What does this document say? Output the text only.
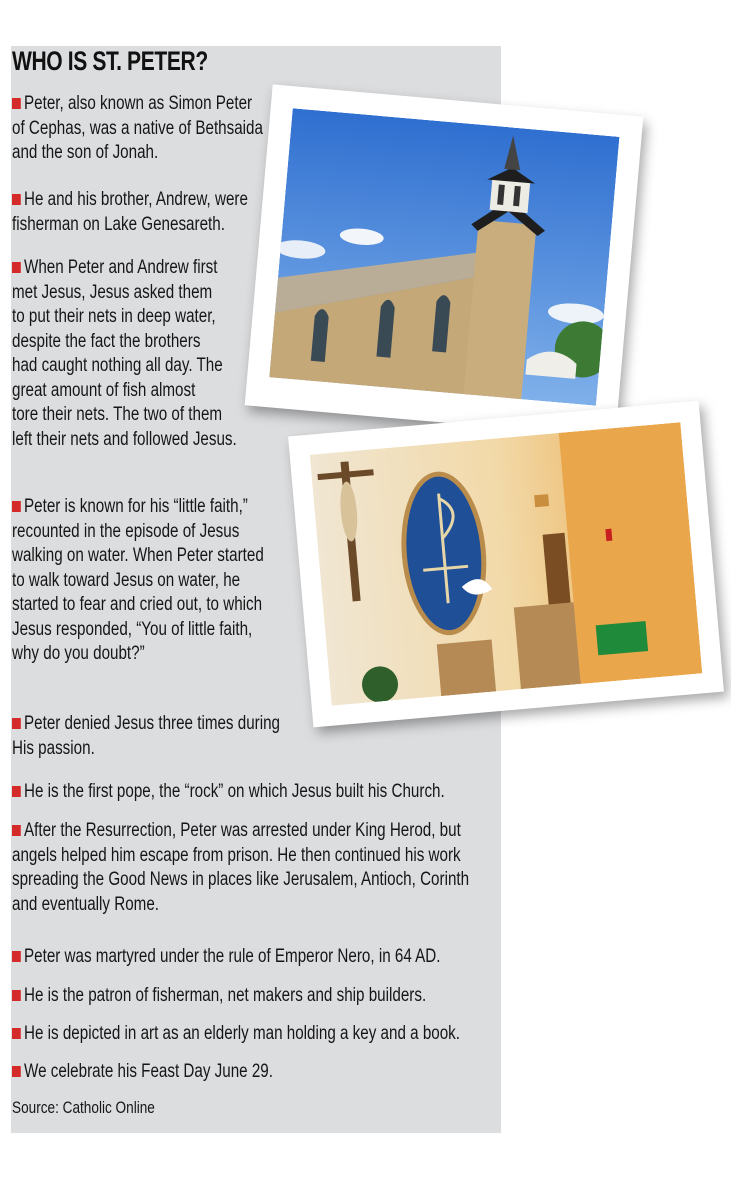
WHO IS ST. PETER?
Peter, also known as Simon Peter
of Cephas, was a native of Bethsaida
and the son of Jonah.
He and his brother, Andrew, were
fisherman on Lake Genesareth.
When Peter and Andrew first
met Jesus, Jesus asked them
to put their nets in deep water,
despite the fact the brothers
had caught nothing all day. The
great amount of fish almost
tore their nets. The two of them
left their nets and followed Jesus.
Peter is known for his “little faith,”
recounted in the episode of Jesus
walking on water. When Peter started
to walk toward Jesus on water, he
started to fear and cried out, to which
Jesus responded, “You of little faith,
why do you doubt?”
Peter denied Jesus three times during
His passion.
He is the first pope, the “rock” on which Jesus built his Church.
After the Resurrection, Peter was arrested under King Herod, but
angels helped him escape from prison. He then continued his work
spreading the Good News in places like Jerusalem, Antioch, Corinth
and eventually Rome.
Peter was martyred under the rule of Emperor Nero, in 64 AD.
He is the patron of fisherman, net makers and ship builders.
He is depicted in art as an elderly man holding a key and a book.
We celebrate his Feast Day June 29.
Source: Catholic Online
